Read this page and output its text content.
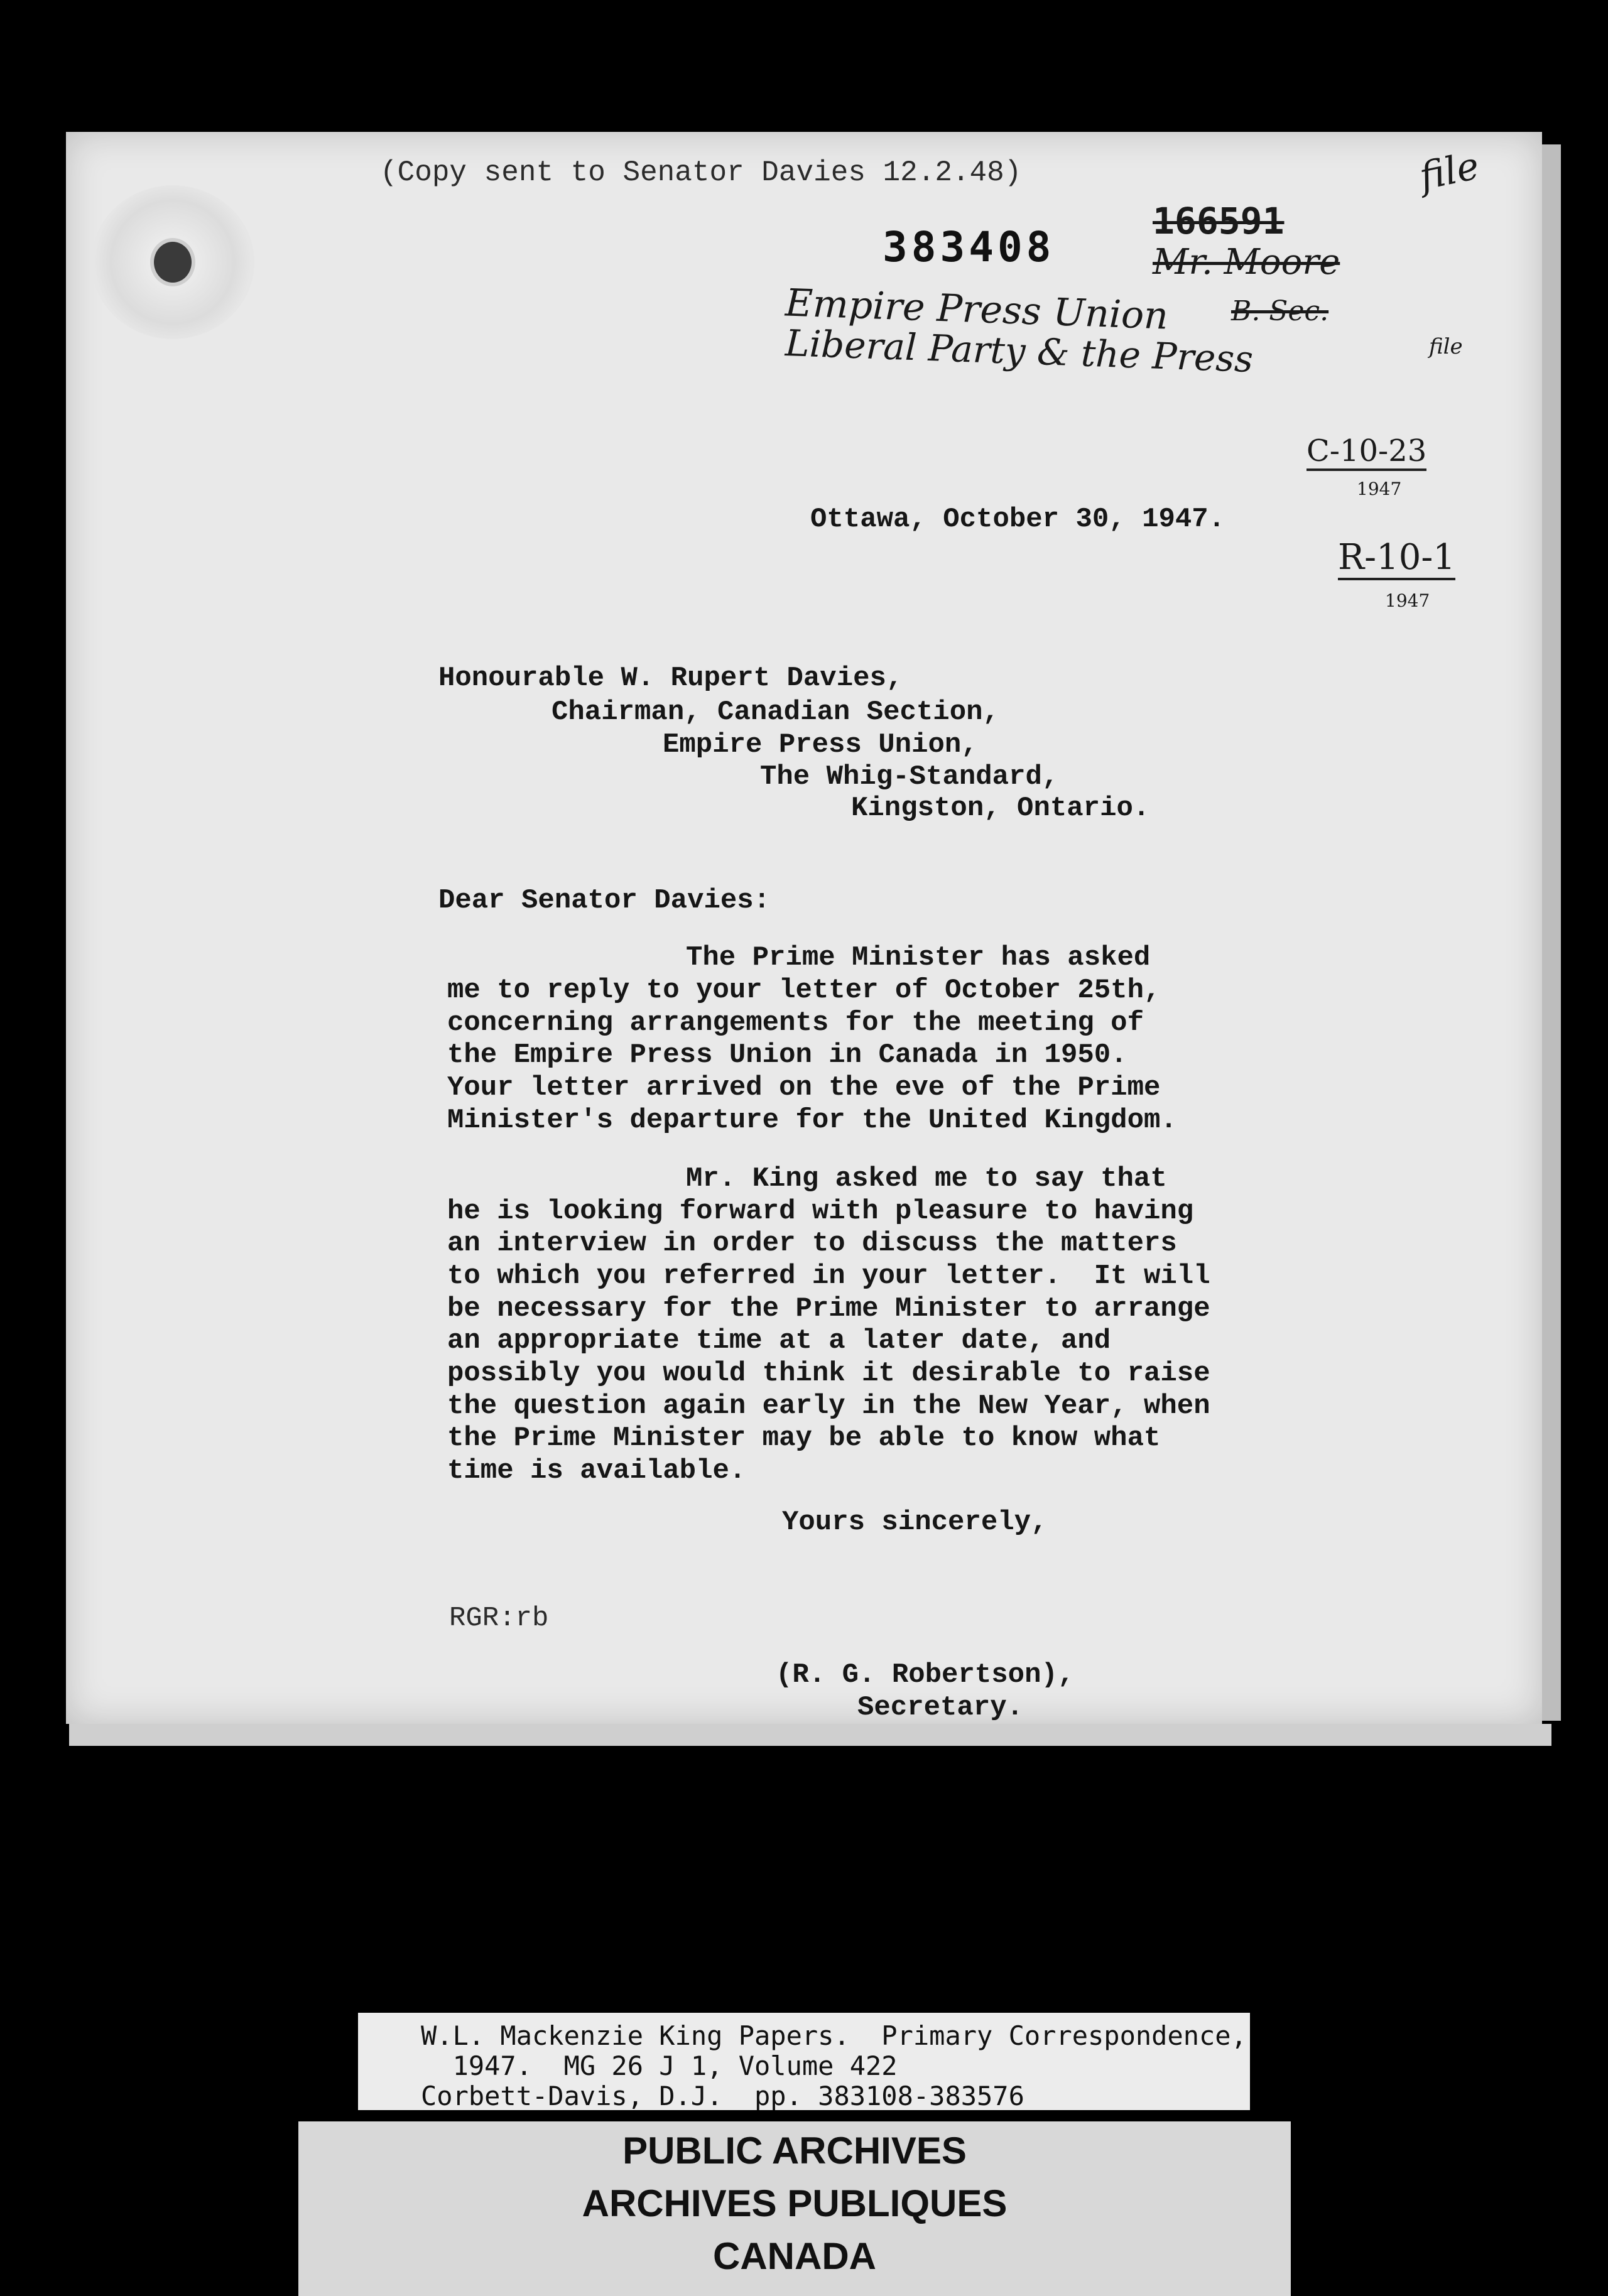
(Copy sent to Senator Davies 12.2.48)
383408
166591
Mr. Moore
file
Empire Press Union B. Sec.
Liberal Party & the Press	file
C-10-23
1947
R-10-1
1947
Ottawa, October 30, 1947.
Honourable W. Rupert Davies,
Chairman, Canadian Section,
Empire Press Union,
The Whig-Standard,
Kingston, Ontario.
Dear Senator Davies:
The Prime Minister has asked
me to reply to your letter of October 25th,
concerning arrangements for the meeting of
the Empire Press Union in Canada in 1950.
Your letter arrived on the eve of the Prime
Minister's departure for the United Kingdom.
Mr. King asked me to say that
he is looking forward with pleasure to having
an interview in order to discuss the matters
to which you referred in your letter.  It will
be necessary for the Prime Minister to arrange
an appropriate time at a later date, and
possibly you would think it desirable to raise
the question again early in the New Year, when
the Prime Minister may be able to know what
time is available.
Yours sincerely,
RGR:rb
(R. G. Robertson),
Secretary.
W.L. Mackenzie King Papers.  Primary Correspondence,
1947.  MG 26 J 1, Volume 422
Corbett-Davis, D.J.  pp. 383108-383576
PUBLIC ARCHIVES
ARCHIVES PUBLIQUES
CANADA
